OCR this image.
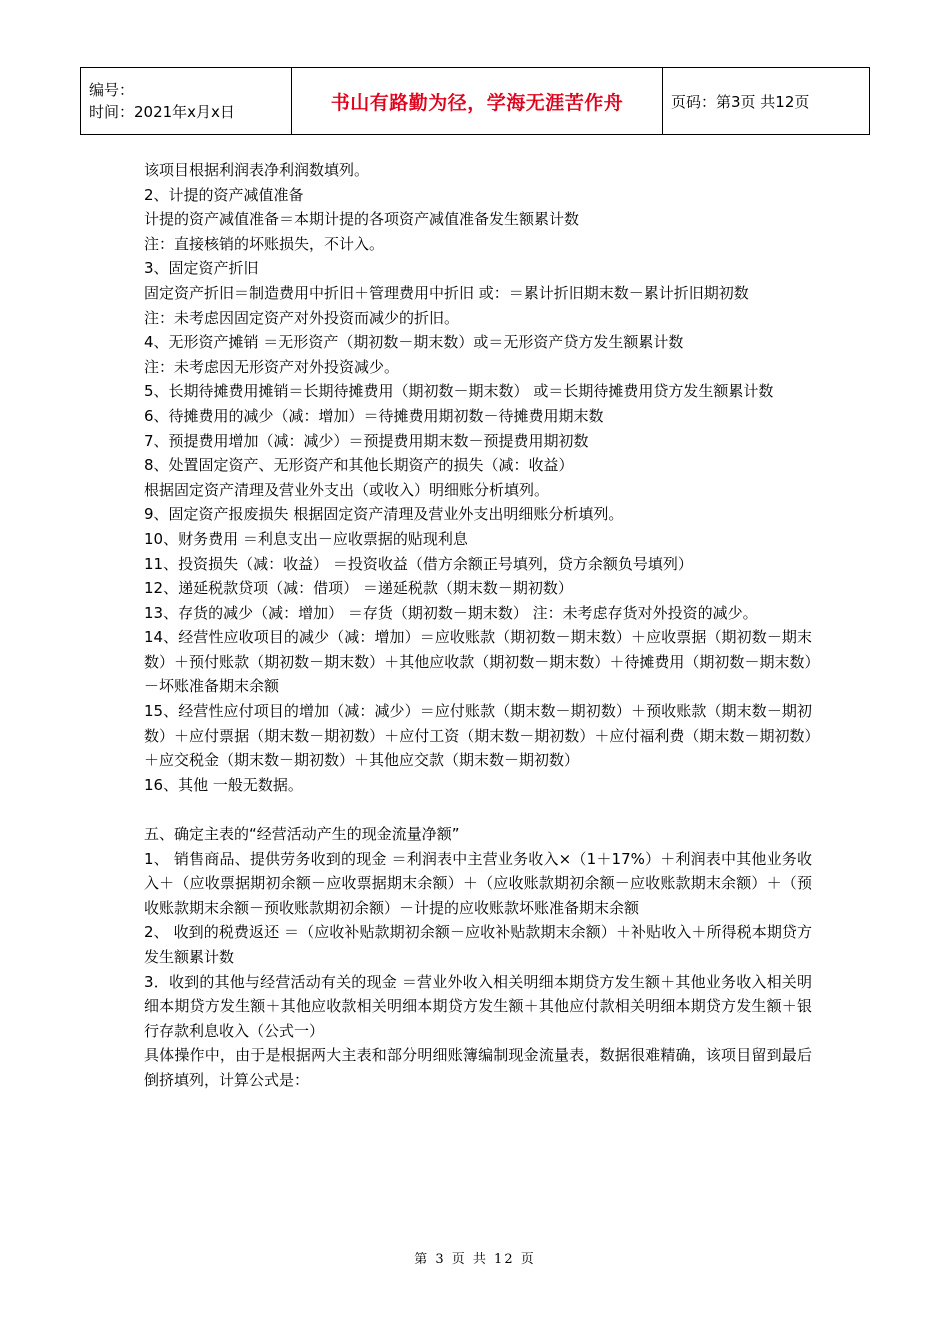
编号：
时间：2021年x月x日	书山有路勤为径，学海无涯苦作舟	页码：第3页 共12页

该项目根据利润表净利润数填列。

2、计提的资产减值准备

计提的资产减值准备＝本期计提的各项资产减值准备发生额累计数

注：直接核销的坏账损失，不计入。

3、固定资产折旧

固定资产折旧＝制造费用中折旧＋管理费用中折旧 或：＝累计折旧期末数－累计折旧期初数

注：未考虑因固定资产对外投资而减少的折旧。

4、无形资产摊销 ＝无形资产（期初数－期末数）或＝无形资产贷方发生额累计数

注：未考虑因无形资产对外投资减少。

5、长期待摊费用摊销＝长期待摊费用（期初数－期末数） 或＝长期待摊费用贷方发生额累计数

6、待摊费用的减少（减：增加）＝待摊费用期初数－待摊费用期末数

7、预提费用增加（减：减少）＝预提费用期末数－预提费用期初数

8、处置固定资产、无形资产和其他长期资产的损失（减：收益）

根据固定资产清理及营业外支出（或收入）明细账分析填列。

9、固定资产报废损失 根据固定资产清理及营业外支出明细账分析填列。

10、财务费用 ＝利息支出－应收票据的贴现利息

11、投资损失（减：收益） ＝投资收益（借方余额正号填列，贷方余额负号填列）

12、递延税款贷项（减：借项） ＝递延税款（期末数－期初数）

13、存货的减少（减：增加） ＝存货（期初数－期末数） 注：未考虑存货对外投资的减少。

14、经营性应收项目的减少（减：增加）＝应收账款（期初数－期末数）＋应收票据（期初数－期末数）＋预付账款（期初数－期末数）＋其他应收款（期初数－期末数）＋待摊费用（期初数－期末数）－坏账准备期末余额

15、经营性应付项目的增加（减：减少）＝应付账款（期末数－期初数）＋预收账款（期末数－期初数）＋应付票据（期末数－期初数）＋应付工资（期末数－期初数）＋应付福利费（期末数－期初数）＋应交税金（期末数－期初数）＋其他应交款（期末数－期初数）

16、其他 一般无数据。

五、确定主表的“经营活动产生的现金流量净额”

1、 销售商品、提供劳务收到的现金 ＝利润表中主营业务收入×（1＋17%）＋利润表中其他业务收入＋（应收票据期初余额－应收票据期末余额）＋（应收账款期初余额－应收账款期末余额）＋（预收账款期末余额－预收账款期初余额）－计提的应收账款坏账准备期末余额

2、 收到的税费返还 ＝（应收补贴款期初余额－应收补贴款期末余额）＋补贴收入＋所得税本期贷方发生额累计数

3．收到的其他与经营活动有关的现金 ＝营业外收入相关明细本期贷方发生额＋其他业务收入相关明细本期贷方发生额＋其他应收款相关明细本期贷方发生额＋其他应付款相关明细本期贷方发生额＋银行存款利息收入（公式一）

具体操作中，由于是根据两大主表和部分明细账簿编制现金流量表，数据很难精确，该项目留到最后倒挤填列，计算公式是：

第 3 页 共 12 页
